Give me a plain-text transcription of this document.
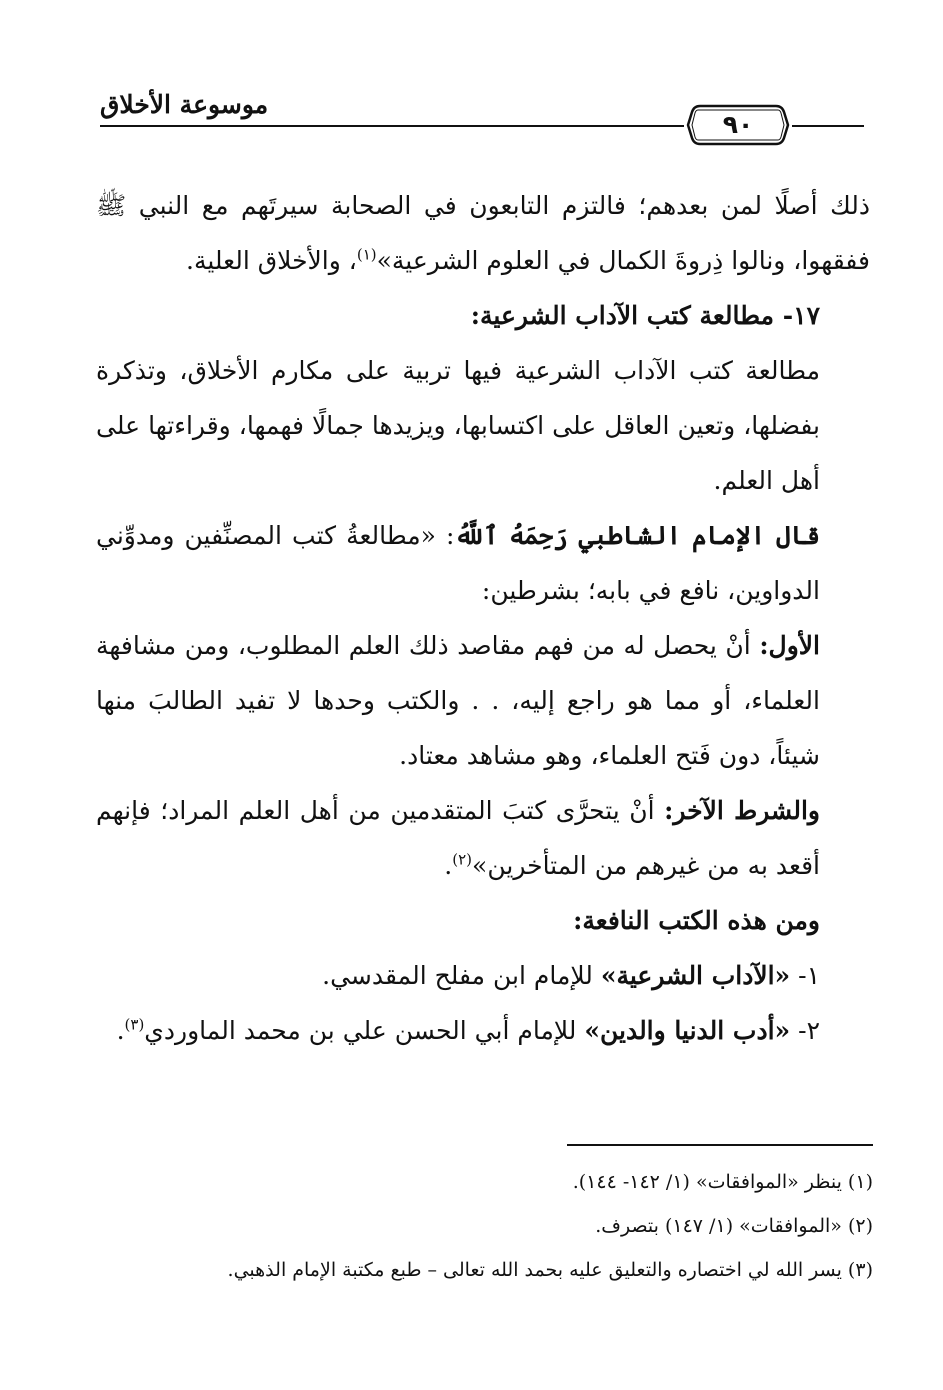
موسوعة الأخلاق
٩٠

ذلك أصلًا لمن بعدهم؛ فالتزم التابعون في الصحابة سيرتَهم مع النبي ﷺ ففقهوا، ونالوا ذِروةَ الكمال في العلوم الشرعية»$^{(١)}$، والأخلاق العلية.

١٧- مطالعة كتب الآداب الشرعية:

مطالعة كتب الآداب الشرعية فيها تربية على مكارم الأخلاق، وتذكرة بفضلها، وتعين العاقل على اكتسابها، ويزيدها جمالًا فهمها، وقراءتها على أهل العلم.

قال الإمام الشاطبي رَحِمَهُ ٱللَّهُ: «مطالعةُ كتب المصنِّفين ومدوِّني الدواوين، نافع في بابه؛ بشرطين:

الأول: أنْ يحصل له من فهم مقاصد ذلك العلم المطلوب، ومن مشافهة العلماء، أو مما هو راجع إليه، . . والكتب وحدها لا تفيد الطالبَ منها شيئاً، دون فَتح العلماء، وهو مشاهد معتاد.

والشرط الآخر: أنْ يتحرَّى كتبَ المتقدمين من أهل العلم المراد؛ فإنهم أقعد به من غيرهم من المتأخرين»$^{(٢)}$.

ومن هذه الكتب النافعة:

١- «الآداب الشرعية» للإمام ابن مفلح المقدسي.

٢- «أدب الدنيا والدين» للإمام أبي الحسن علي بن محمد الماوردي$^{(٣)}$.

(١) ينظر «الموافقات» (١/ ١٤٢- ١٤٤).

(٢) «الموافقات» (١/ ١٤٧) بتصرف.

(٣) يسر الله لي اختصاره والتعليق عليه بحمد الله تعالى – طبع مكتبة الإمام الذهبي.
